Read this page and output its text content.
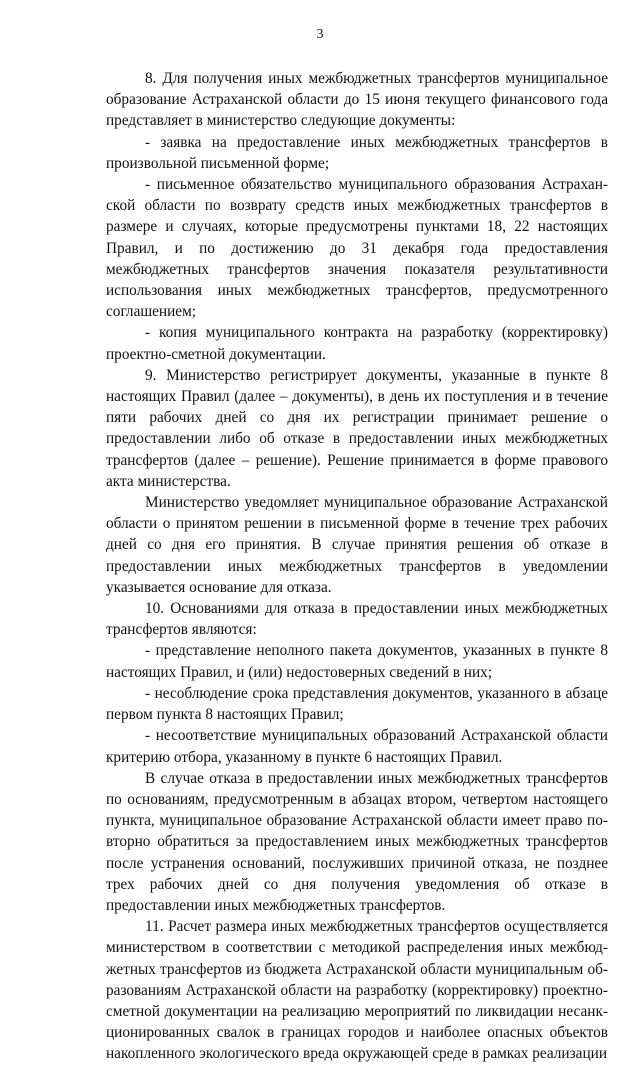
3

8. Для получения иных межбюджетных трансфертов муниципальное образование Астраханской области до 15 июня текущего финансового года представляет в министерство следующие документы:

- заявка на предоставление иных межбюджетных трансфертов в произвольной письменной форме;

- письменное обязательство муниципального образования Астраханской области по возврату средств иных межбюджетных трансфертов в размере и случаях, которые предусмотрены пунктами 18, 22 настоящих Правил, и по достижению до 31 декабря года предоставления межбюджетных трансфертов значения показателя результативности использования иных межбюджетных трансфертов, предусмотренного соглашением;

- копия муниципального контракта на разработку (корректировку) проектно-сметной документации.

9. Министерство регистрирует документы, указанные в пункте 8 настоящих Правил (далее – документы), в день их поступления и в течение пяти рабочих дней со дня их регистрации принимает решение о предоставлении либо об отказе в предоставлении иных межбюджетных трансфертов (далее – решение). Решение принимается в форме правового акта министерства.

Министерство уведомляет муниципальное образование Астраханской области о принятом решении в письменной форме в течение трех рабочих дней со дня его принятия. В случае принятия решения об отказе в предоставлении иных межбюджетных трансфертов в уведомлении указывается основание для отказа.

10. Основаниями для отказа в предоставлении иных межбюджетных трансфертов являются:

- представление неполного пакета документов, указанных в пункте 8 настоящих Правил, и (или) недостоверных сведений в них;

- несоблюдение срока представления документов, указанного в абзаце первом пункта 8 настоящих Правил;

- несоответствие муниципальных образований Астраханской области критерию отбора, указанному в пункте 6 настоящих Правил.

В случае отказа в предоставлении иных межбюджетных трансфертов по основаниям, предусмотренным в абзацах втором, четвертом настоящего пункта, муниципальное образование Астраханской области имеет право повторно обратиться за предоставлением иных межбюджетных трансфертов после устранения оснований, послуживших причиной отказа, не позднее трех рабочих дней со дня получения уведомления об отказе в предоставлении иных межбюджетных трансфертов.

11. Расчет размера иных межбюджетных трансфертов осуществляется министерством в соответствии с методикой распределения иных межбюджетных трансфертов из бюджета Астраханской области муниципальным образованиям Астраханской области на разработку (корректировку) проектно-сметной документации на реализацию мероприятий по ликвидации несанкционированных свалок в границах городов и наиболее опасных объектов накопленного экологического вреда окружающей среде в рамках реализации
